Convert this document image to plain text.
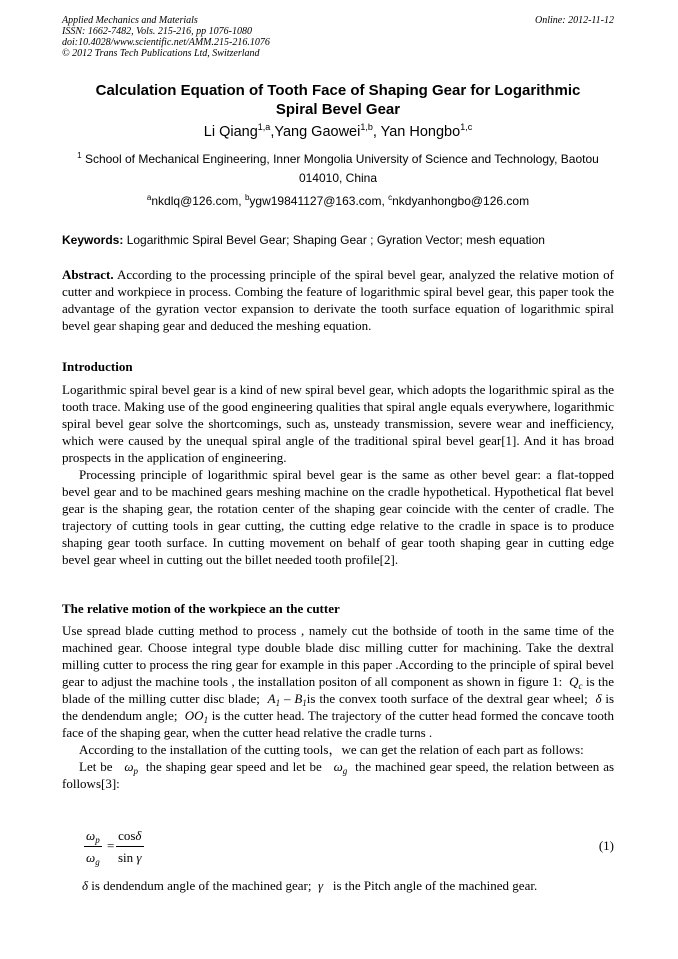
Applied Mechanics and Materials
ISSN: 1662-7482, Vols. 215-216, pp 1076-1080
doi:10.4028/www.scientific.net/AMM.215-216.1076
© 2012 Trans Tech Publications Ltd, Switzerland
Online: 2012-11-12
Calculation Equation of Tooth Face of Shaping Gear for Logarithmic
Spiral Bevel Gear
Li Qiang$^{1,a}$,Yang Gaowei$^{1,b}$, Yan Hongbo$^{1,c}$
$^1$ School of Mechanical Engineering, Inner Mongolia University of Science and Technology, Baotou
014010, China
$^a$nkdlq@126.com, $^b$ygw19841127@163.com, $^c$nkdyanhongbo@126.com
Keywords: Logarithmic Spiral Bevel Gear; Shaping Gear ; Gyration Vector; mesh equation

Abstract. According to the processing principle of the spiral bevel gear, analyzed the relative motion of cutter and workpiece in process. Combing the feature of logarithmic spiral bevel gear, this paper took the advantage of the gyration vector expansion to derivate the tooth surface equation of logarithmic spiral bevel gear shaping gear and deduced the meshing equation.

Introduction

Logarithmic spiral bevel gear is a kind of new spiral bevel gear, which adopts the logarithmic spiral as the tooth trace. Making use of the good engineering qualities that spiral angle equals everywhere, logarithmic spiral bevel gear solve the shortcomings, such as, unsteady transmission, severe wear and inefficiency, which were caused by the unequal spiral angle of the traditional spiral bevel gear[1]. And it has broad prospects in the application of engineering.

Processing principle of logarithmic spiral bevel gear is the same as other bevel gear: a flat-topped bevel gear and to be machined gears meshing machine on the cradle hypothetical. Hypothetical flat bevel gear is the shaping gear, the rotation center of the shaping gear coincide with the center of cradle. The trajectory of cutting tools in gear cutting, the cutting edge relative to the cradle in space is to produce shaping gear tooth surface. In cutting movement on behalf of gear tooth shaping gear in cutting edge bevel gear wheel in cutting out the billet needed tooth profile[2].

The relative motion of the workpiece an the cutter

Use spread blade cutting method to process , namely cut the bothside of tooth in the same time of the machined gear. Choose integral type double blade disc milling cutter for machining. Take the dextral milling cutter to process the ring gear for example in this paper .According to the principle of spiral bevel gear to adjust the machine tools , the installation positon of all component as shown in figure 1: $Q_c$ is the blade of the milling cutter disc blade; $A_1 - B_1is$ the convex tooth surface of the dextral gear wheel; δ is the dendendum angle; $OO_1$ is the cutter head. The trajectory of the cutter head formed the concave tooth face of the shaping gear, when the cutter head relative the cradle turns .

According to the installation of the cutting tools，we can get the relation of each part as follows:

Let be $\omega_p$ the shaping gear speed and let be $\omega_g$ the machined gear speed, the relation between as follows[3]:

$\frac{\omega_p}{\omega_g} = \frac{\cos\delta}{\text{sin γ}}$	(1)
δ is dendendum angle of the machined gear; γ is the Pitch angle of the machined gear.
